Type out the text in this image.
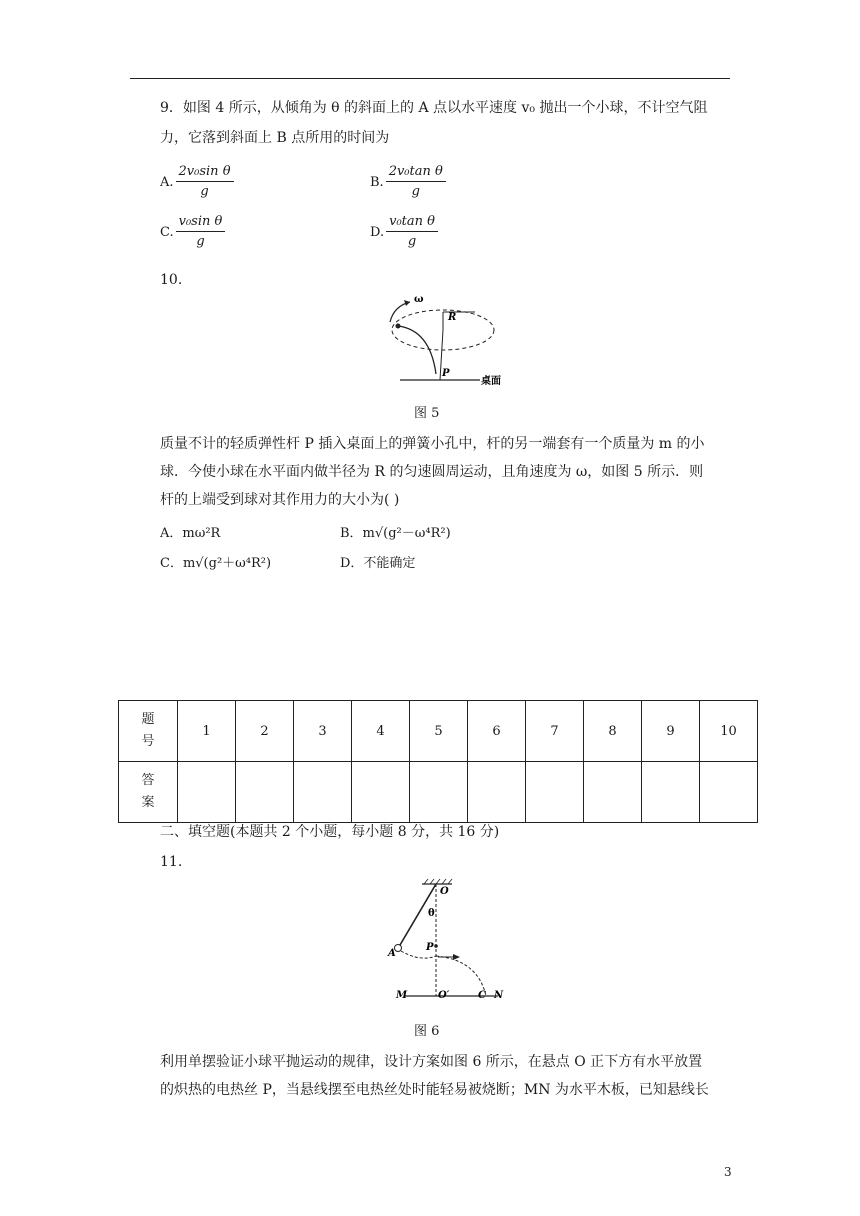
9．如图 4 所示，从倾角为 θ 的斜面上的 A 点以水平速度 v₀ 抛出一个小球，不计空气阻
力，它落到斜面上 B 点所用的时间为
A. $\frac{\text{2v₀sin θ}}{g}$	B. $\frac{\text{2v₀tan θ}}{g}$
C. $\frac{\text{v₀sin θ}}{g}$	D. $\frac{\text{v₀tan θ}}{g}$
10.
ω
R
P
桌面
图 5
质量不计的轻质弹性杆 P 插入桌面上的弹簧小孔中，杆的另一端套有一个质量为 m 的小
球．今使小球在水平面内做半径为 R 的匀速圆周运动，且角速度为 ω，如图 5 所示．则
杆的上端受到球对其作用力的大小为( )
A．mω²R	B．m√(g²－ω⁴R²)
C．m√(g²＋ω⁴R²)	D．不能确定
题
号	1	2	3	4	5	6	7	8	9	10

答
案										

二、填空题(本题共 2 个小题，每小题 8 分，共 16 分)
11.
O
θ
A
P
M	O′	C N
图 6
利用单摆验证小球平抛运动的规律，设计方案如图 6 所示，在悬点 O 正下方有水平放置
的炽热的电热丝 P，当悬线摆至电热丝处时能轻易被烧断；MN 为水平木板，已知悬线长
3
